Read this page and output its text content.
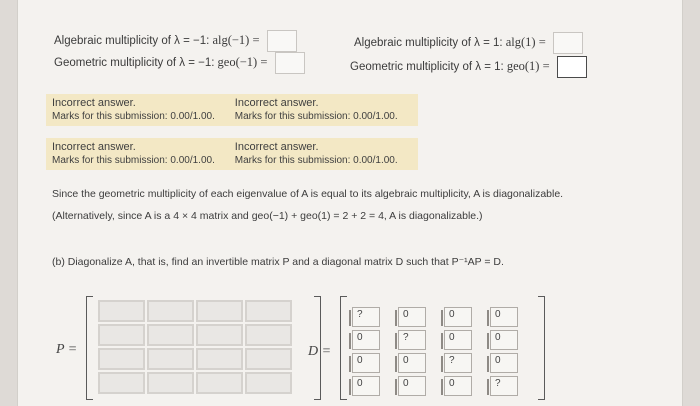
Algebraic multiplicity of λ = −1: alg(−1) =
Geometric multiplicity of λ = −1: geo(−1) =
Algebraic multiplicity of λ = 1: alg(1) =
Geometric multiplicity of λ = 1: geo(1) =
Incorrect answer.
Marks for this submission: 0.00/1.00.

Incorrect answer.
Marks for this submission: 0.00/1.00.
Incorrect answer.
Marks for this submission: 0.00/1.00.

Incorrect answer.
Marks for this submission: 0.00/1.00.
Since the geometric multiplicity of each eigenvalue of A is equal to its algebraic multiplicity, A is diagonalizable.
(Alternatively, since A is a 4 × 4 matrix and geo(−1) + geo(1) = 2 + 2 = 4, A is diagonalizable.)
(b) Diagonalize A, that is, find an invertible matrix P and a diagonal matrix D such that P⁻¹AP = D.
P =	D =
?	0	0	0
0	?	0	0
0	0	?	0
0	0	0	?
